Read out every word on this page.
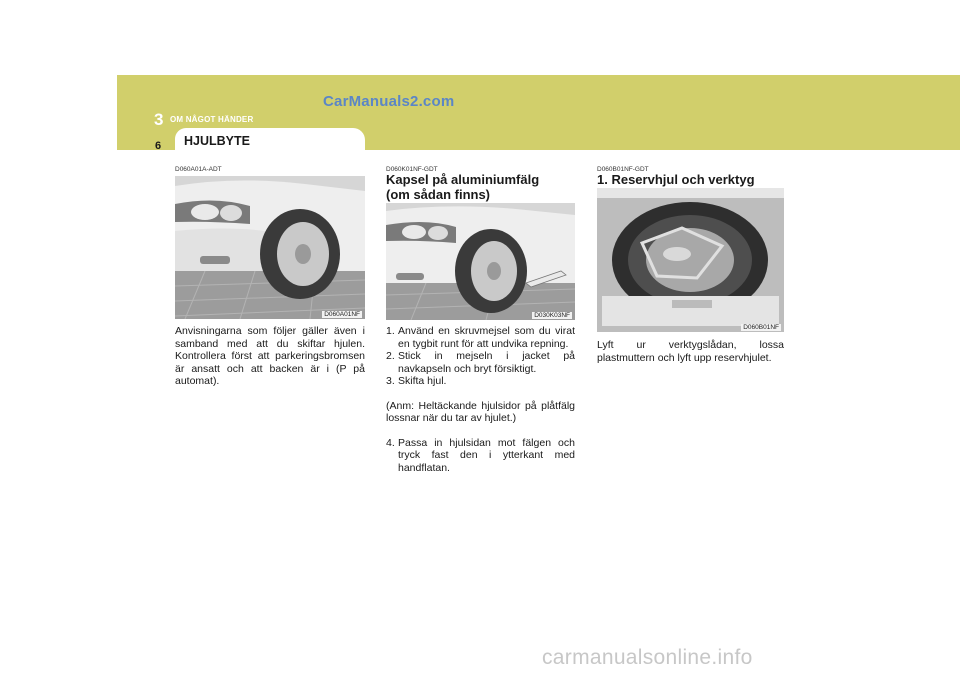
3 OM NÅGOT HÄNDER
CarManuals2.com
HJULBYTE
6
D060A01A-ADT
D060A01NF
Anvisningarna som följer gäller även i samband med att du skiftar hjulen. Kontrollera först att parkeringsbromsen är ansatt och att backen är i (P på automat).
D060K01NF-GDT
Kapsel på aluminiumfälg
(om sådan finns)
D030K03NF
1. Använd en skruvmejsel som du virat en tygbit runt för att undvika repning.
2. Stick in mejseln i jacket på navkapseln och bryt försiktigt.
3. Skifta hjul.
(Anm: Heltäckande hjulsidor på plåtfälg lossnar när du tar av hjulet.)
4. Passa in hjulsidan mot fälgen och tryck fast den i ytterkant med handflatan.
D060B01NF-GDT
1. Reservhjul och verktyg
D060B01NF
Lyft ur verktygslådan, lossa plastmuttern och lyft upp reservhjulet.
carmanualsonline.info
